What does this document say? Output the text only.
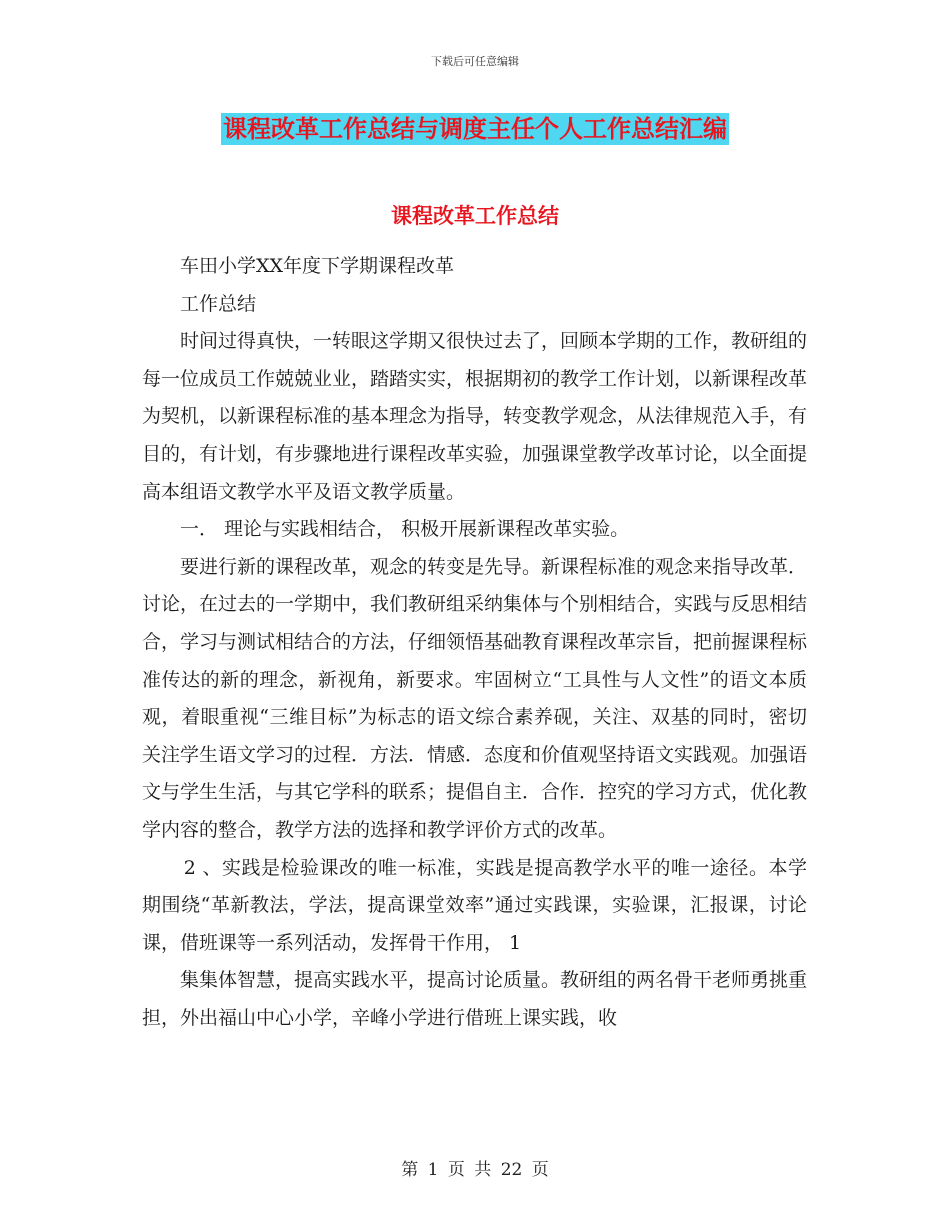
下载后可任意编辑
课程改革工作总结与调度主任个人工作总结汇编
课程改革工作总结

车田小学XX年度下学期课程改革

工作总结

时间过得真快，一转眼这学期又很快过去了，回顾本学期的工作，教研组的每一位成员工作兢兢业业，踏踏实实，根据期初的教学工作计划，以新课程改革为契机，以新课程标准的基本理念为指导，转变教学观念，从法律规范入手，有目的，有计划，有步骤地进行课程改革实验，加强课堂教学改革讨论，以全面提高本组语文教学水平及语文教学质量。

一． 理论与实践相结合， 积极开展新课程改革实验。

要进行新的课程改革，观念的转变是先导。新课程标准的观念来指导改革．讨论，在过去的一学期中，我们教研组采纳集体与个别相结合，实践与反思相结合，学习与测试相结合的方法，仔细领悟基础教育课程改革宗旨，把前握课程标准传达的新的理念，新视角，新要求。牢固树立“工具性与人文性”的语文本质观，着眼重视“三维目标”为标志的语文综合素养砚，关注、双基的同时，密切关注学生语文学习的过程．方法．情感．态度和价值观坚持语文实践观。加强语文与学生生活，与其它学科的联系；提倡自主．合作．控究的学习方式，优化教学内容的整合，教学方法的选择和教学评价方式的改革。

2 、实践是检验课改的唯一标准，实践是提高教学水平的唯一途径。本学期围绕“革新教法，学法，提高课堂效率”通过实践课，实验课，汇报课，讨论课，借班课等一系列活动，发挥骨干作用， 1

集集体智慧，提高实践水平，提高讨论质量。教研组的两名骨干老师勇挑重担，外出福山中心小学，辛峰小学进行借班上课实践，收

第 1 页 共 22 页
